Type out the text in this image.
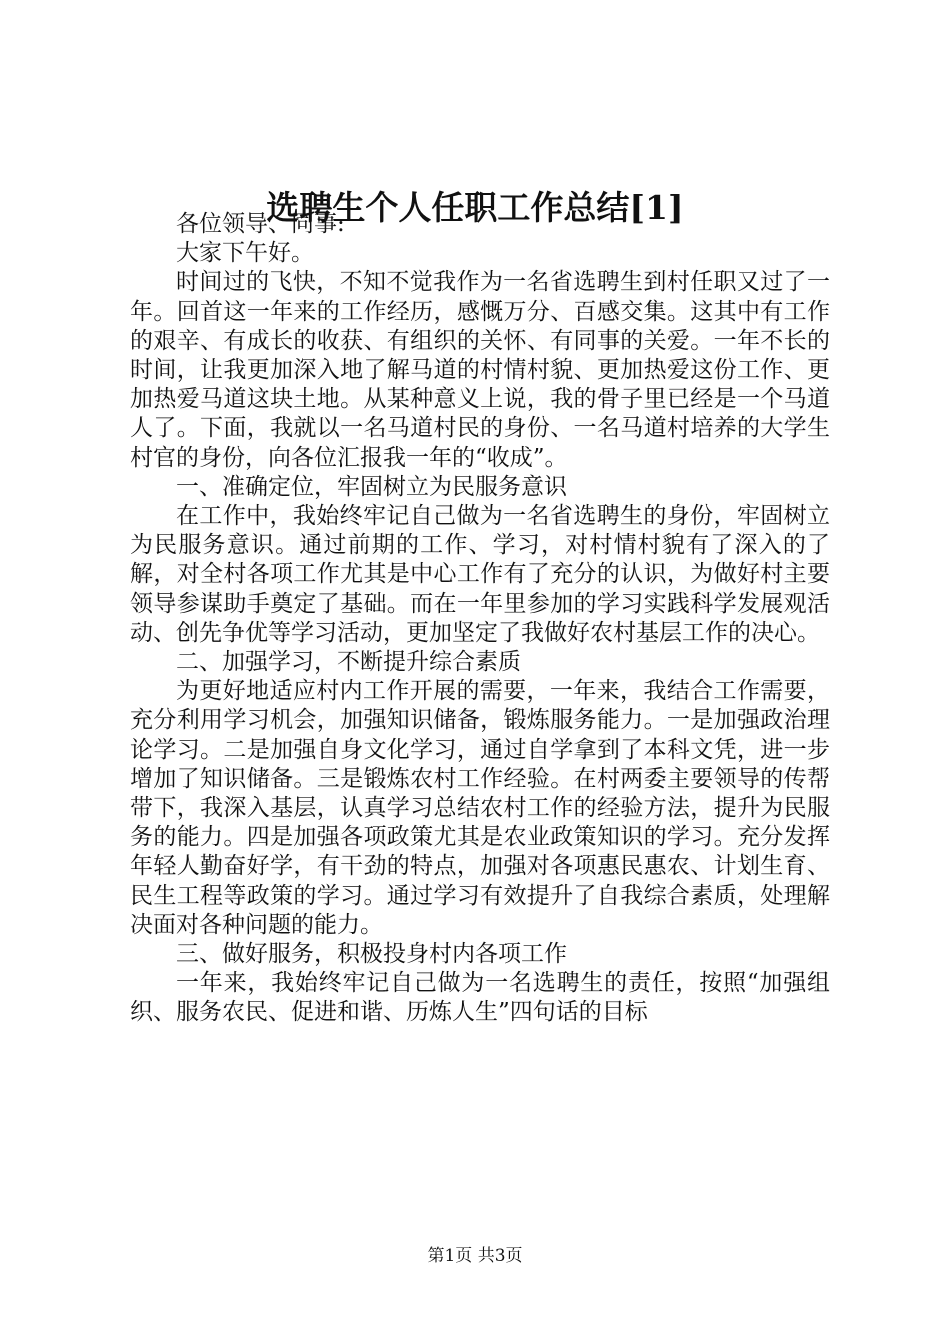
选聘生个人任职工作总结[1]

各位领导、同事:

大家下午好。

时间过的飞快，不知不觉我作为一名省选聘生到村任职又过了一年。回首这一年来的工作经历，感慨万分、百感交集。这其中有工作的艰辛、有成长的收获、有组织的关怀、有同事的关爱。一年不长的时间，让我更加深入地了解马道的村情村貌、更加热爱这份工作、更加热爱马道这块土地。从某种意义上说，我的骨子里已经是一个马道人了。下面，我就以一名马道村民的身份、一名马道村培养的大学生村官的身份，向各位汇报我一年的“收成”。

一、准确定位，牢固树立为民服务意识

在工作中，我始终牢记自己做为一名省选聘生的身份，牢固树立为民服务意识。通过前期的工作、学习，对村情村貌有了深入的了解，对全村各项工作尤其是中心工作有了充分的认识，为做好村主要领导参谋助手奠定了基础。而在一年里参加的学习实践科学发展观活动、创先争优等学习活动，更加坚定了我做好农村基层工作的决心。

二、加强学习，不断提升综合素质

为更好地适应村内工作开展的需要，一年来，我结合工作需要，充分利用学习机会，加强知识储备，锻炼服务能力。一是加强政治理论学习。二是加强自身文化学习，通过自学拿到了本科文凭，进一步增加了知识储备。三是锻炼农村工作经验。在村两委主要领导的传帮带下，我深入基层，认真学习总结农村工作的经验方法，提升为民服务的能力。四是加强各项政策尤其是农业政策知识的学习。充分发挥年轻人勤奋好学，有干劲的特点，加强对各项惠民惠农、计划生育、民生工程等政策的学习。通过学习有效提升了自我综合素质，处理解决面对各种问题的能力。

三、做好服务，积极投身村内各项工作

一年来，我始终牢记自己做为一名选聘生的责任，按照“加强组织、服务农民、促进和谐、历炼人生”四句话的目标

第1页 共3页
